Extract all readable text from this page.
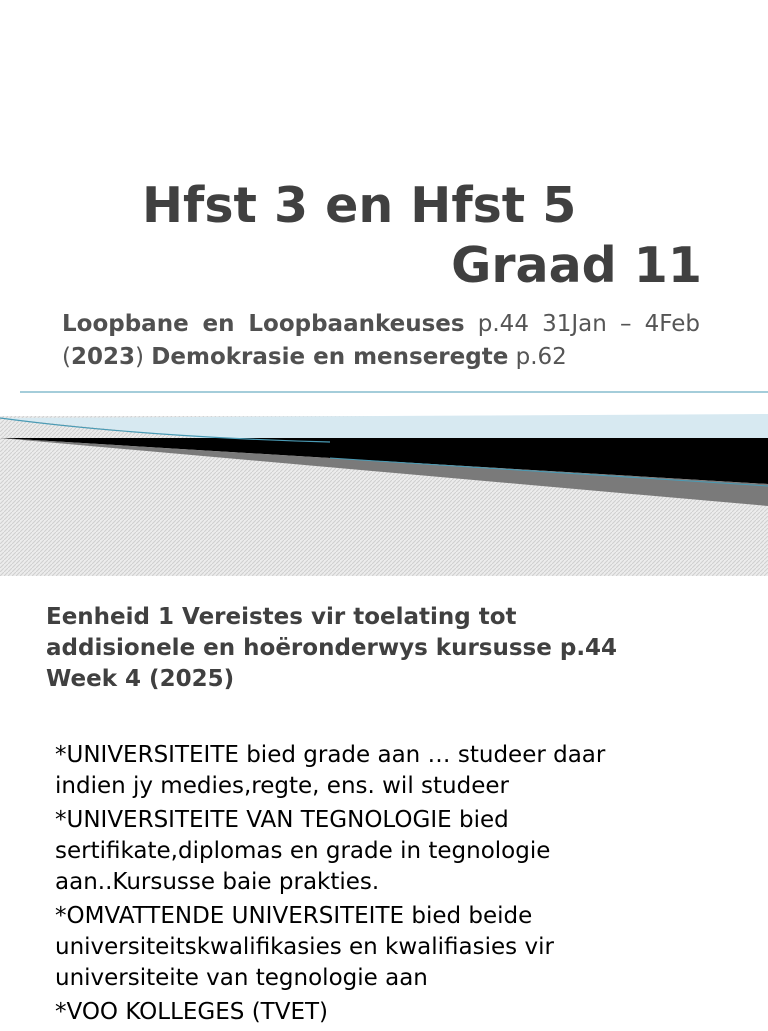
Hfst 3 en Hfst 5
Graad 11
Loopbane en Loopbaankeuses p.44 31Jan – 4Feb (2023) Demokrasie en menseregte p.62
Eenheid 1 Vereistes vir toelating tot
addisionele en hoëronderwys kursusse p.44
Week 4 (2025)
*UNIVERSITEITE bied grade aan … studeer daar
indien jy medies,regte, ens. wil studeer
*UNIVERSITEITE VAN TEGNOLOGIE bied
sertifikate,diplomas en grade in tegnologie
aan..Kursusse baie prakties.
*OMVATTENDE UNIVERSITEITE bied beide
universiteitskwalifikasies en kwalifiasies vir
universiteite van tegnologie aan
*VOO KOLLEGES (TVET)
